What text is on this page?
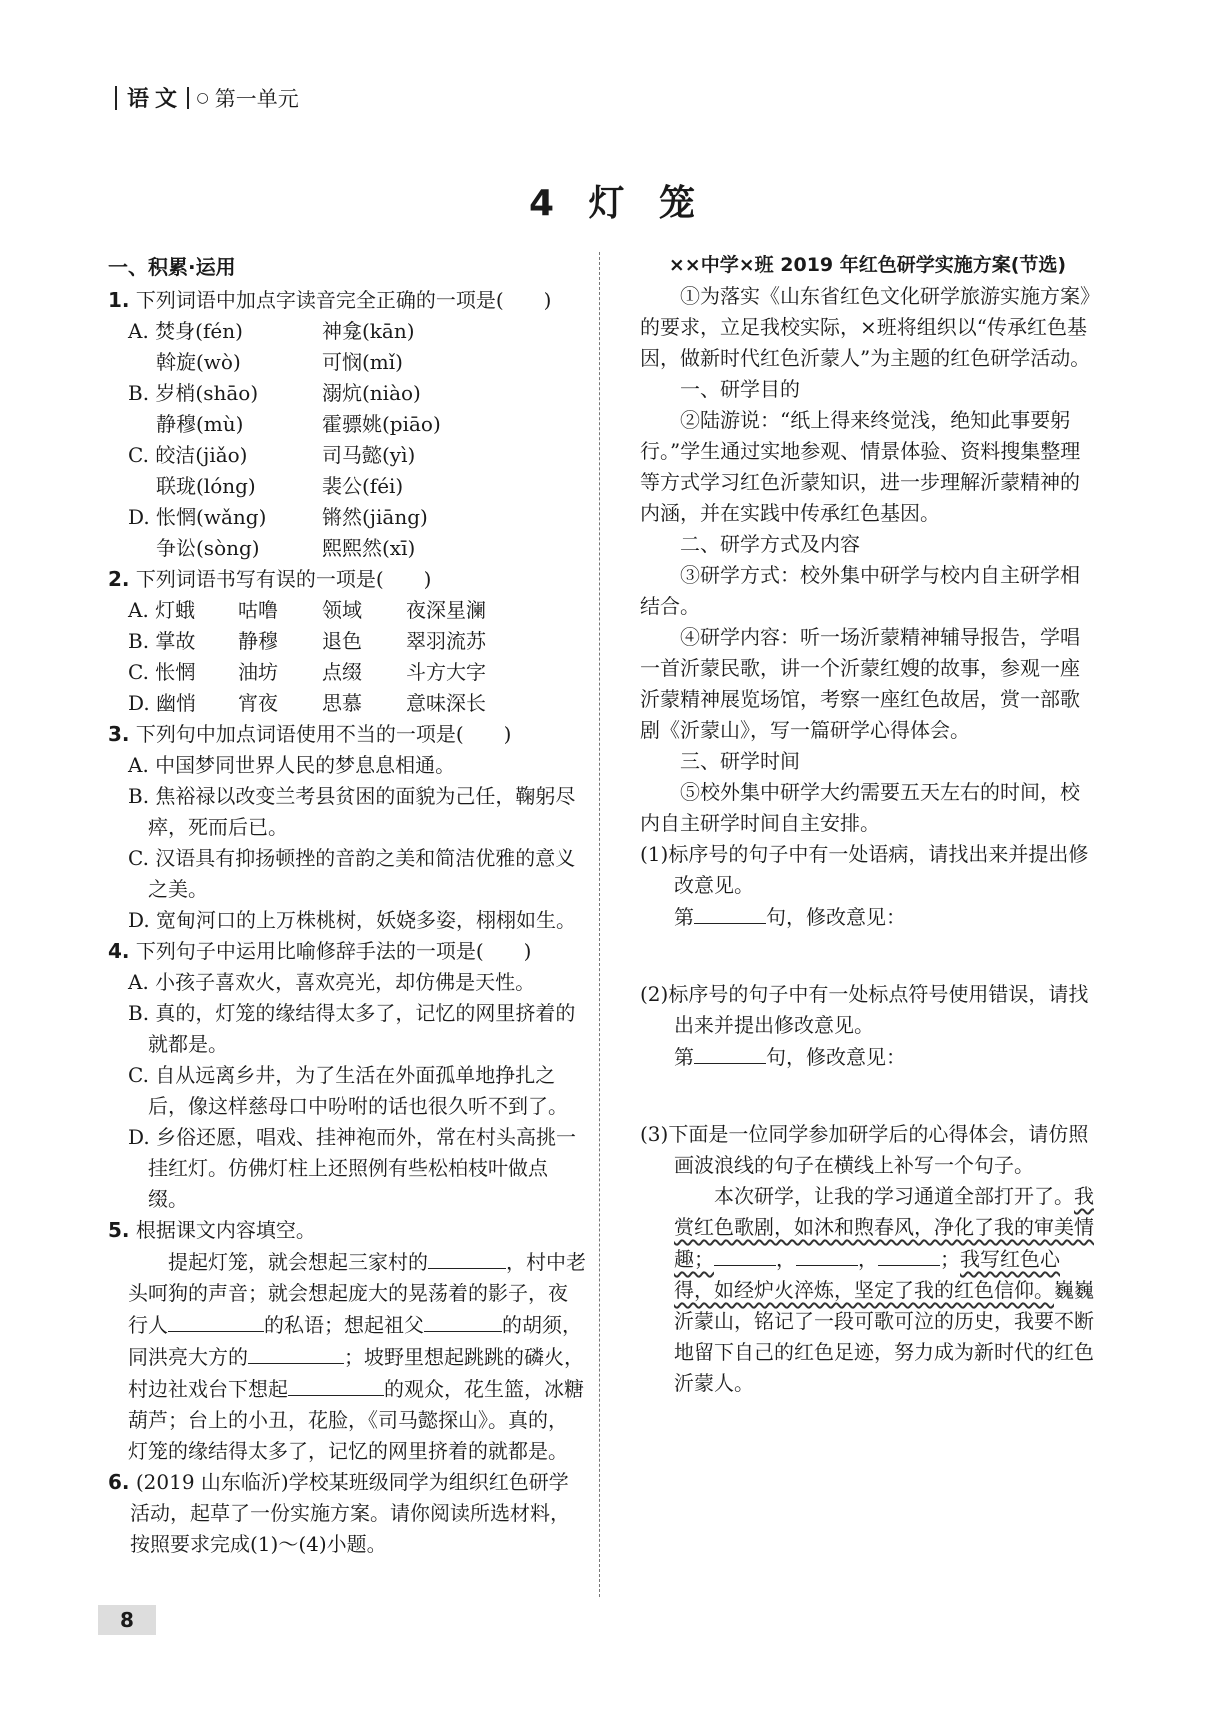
语文 ○ 第一单元
4 灯 笼
一、积累·运用
1. 下列词语中加点字读音完全正确的一项是(　　)
A. 焚身(fén)	神龛(kān)
斡旋(wò)	可悯(mǐ)
B. 岁梢(shāo)	溺炕(niào)
静穆(mù)	霍骠姚(piāo)
C. 皎洁(jiǎo)	司马懿(yì)
联珑(lóng)	裴公(féi)
D. 怅惘(wǎng)	锵然(jiāng)
争讼(sòng)	熙熙然(xī)
2. 下列词语书写有误的一项是(　　)
A. 灯蛾	咕噜	领域	夜深星澜
B. 掌故	静穆	退色	翠羽流苏
C. 怅惘	油坊	点缀	斗方大字
D. 幽悄	宵夜	思慕	意味深长
3. 下列句中加点词语使用不当的一项是(　　)
A. 中国梦同世界人民的梦息息相通。
B. 焦裕禄以改变兰考县贫困的面貌为己任，鞠躬尽瘁，死而后已。
C. 汉语具有抑扬顿挫的音韵之美和简洁优雅的意义之美。
D. 宽甸河口的上万株桃树，妖娆多姿，栩栩如生。
4. 下列句子中运用比喻修辞手法的一项是(　　)
A. 小孩子喜欢火，喜欢亮光，却仿佛是天性。
B. 真的，灯笼的缘结得太多了，记忆的网里挤着的就都是。
C. 自从远离乡井，为了生活在外面孤单地挣扎之后，像这样慈母口中吩咐的话也很久听不到了。
D. 乡俗还愿，唱戏、挂神袍而外，常在村头高挑一挂红灯。仿佛灯柱上还照例有些松柏枝叶做点缀。
5. 根据课文内容填空。
提起灯笼，就会想起三家村的	，村中老头呵狗的声音；就会想起庞大的晃荡着的影子，夜行人	的私语；想起祖父	的胡须，同洪亮大方的	；坡野里想起跳跳的磷火，村边社戏台下想起	的观众，花生篮，冰糖葫芦；台上的小丑，花脸，《司马懿探山》。真的，灯笼的缘结得太多了，记忆的网里挤着的就都是。
6. (2019 山东临沂)学校某班级同学为组织红色研学活动，起草了一份实施方案。请你阅读所选材料，按照要求完成(1)～(4)小题。
××中学×班 2019 年红色研学实施方案(节选)
①为落实《山东省红色文化研学旅游实施方案》的要求，立足我校实际，×班将组织以“传承红色基因，做新时代红色沂蒙人”为主题的红色研学活动。
一、研学目的
②陆游说：“纸上得来终觉浅，绝知此事要躬行。”学生通过实地参观、情景体验、资料搜集整理等方式学习红色沂蒙知识，进一步理解沂蒙精神的内涵，并在实践中传承红色基因。
二、研学方式及内容
③研学方式：校外集中研学与校内自主研学相结合。
④研学内容：听一场沂蒙精神辅导报告，学唱一首沂蒙民歌，讲一个沂蒙红嫂的故事，参观一座沂蒙精神展览场馆，考察一座红色故居，赏一部歌剧《沂蒙山》，写一篇研学心得体会。
三、研学时间
⑤校外集中研学大约需要五天左右的时间，校内自主研学时间自主安排。
(1)标序号的句子中有一处语病，请找出来并提出修改意见。
第	句，修改意见：
(2)标序号的句子中有一处标点符号使用错误，请找出来并提出修改意见。
第	句，修改意见：
(3)下面是一位同学参加研学后的心得体会，请仿照画波浪线的句子在横线上补写一个句子。
本次研学，让我的学习通道全部打开了。我赏红色歌剧，如沐和煦春风，净化了我的审美情趣；	，	，	；我写红色心得，如经炉火淬炼，坚定了我的红色信仰。巍巍沂蒙山，铭记了一段可歌可泣的历史，我要不断地留下自己的红色足迹，努力成为新时代的红色沂蒙人。
8
